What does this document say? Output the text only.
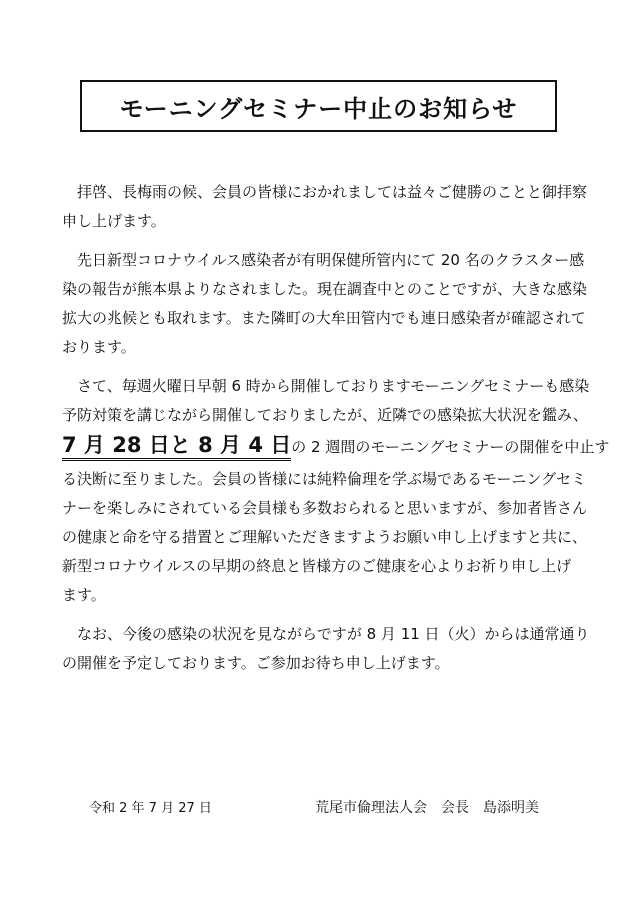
モーニングセミナー中止のお知らせ
拝啓、長梅雨の候、会員の皆様におかれましては益々ご健勝のことと御拝察
申し上げます。
先日新型コロナウイルス感染者が有明保健所管内にて 20 名のクラスター感
染の報告が熊本県よりなされました。現在調査中とのことですが、大きな感染
拡大の兆候とも取れます。また隣町の大牟田管内でも連日感染者が確認されて
おります。
さて、毎週火曜日早朝 6 時から開催しておりますモーニングセミナーも感染
予防対策を講じながら開催しておりましたが、近隣での感染拡大状況を鑑み、
7 月 28 日と 8 月 4 日の 2 週間のモーニングセミナーの開催を中止す
る決断に至りました。会員の皆様には純粋倫理を学ぶ場であるモーニングセミ
ナーを楽しみにされている会員様も多数おられると思いますが、参加者皆さん
の健康と命を守る措置とご理解いただきますようお願い申し上げますと共に、
新型コロナウイルスの早期の終息と皆様方のご健康を心よりお祈り申し上げ
ます。
なお、今後の感染の状況を見ながらですが 8 月 11 日（火）からは通常通り
の開催を予定しております。ご参加お待ち申し上げます。
令和 2 年 7 月 27 日	荒尾市倫理法人会　会長　島添明美
